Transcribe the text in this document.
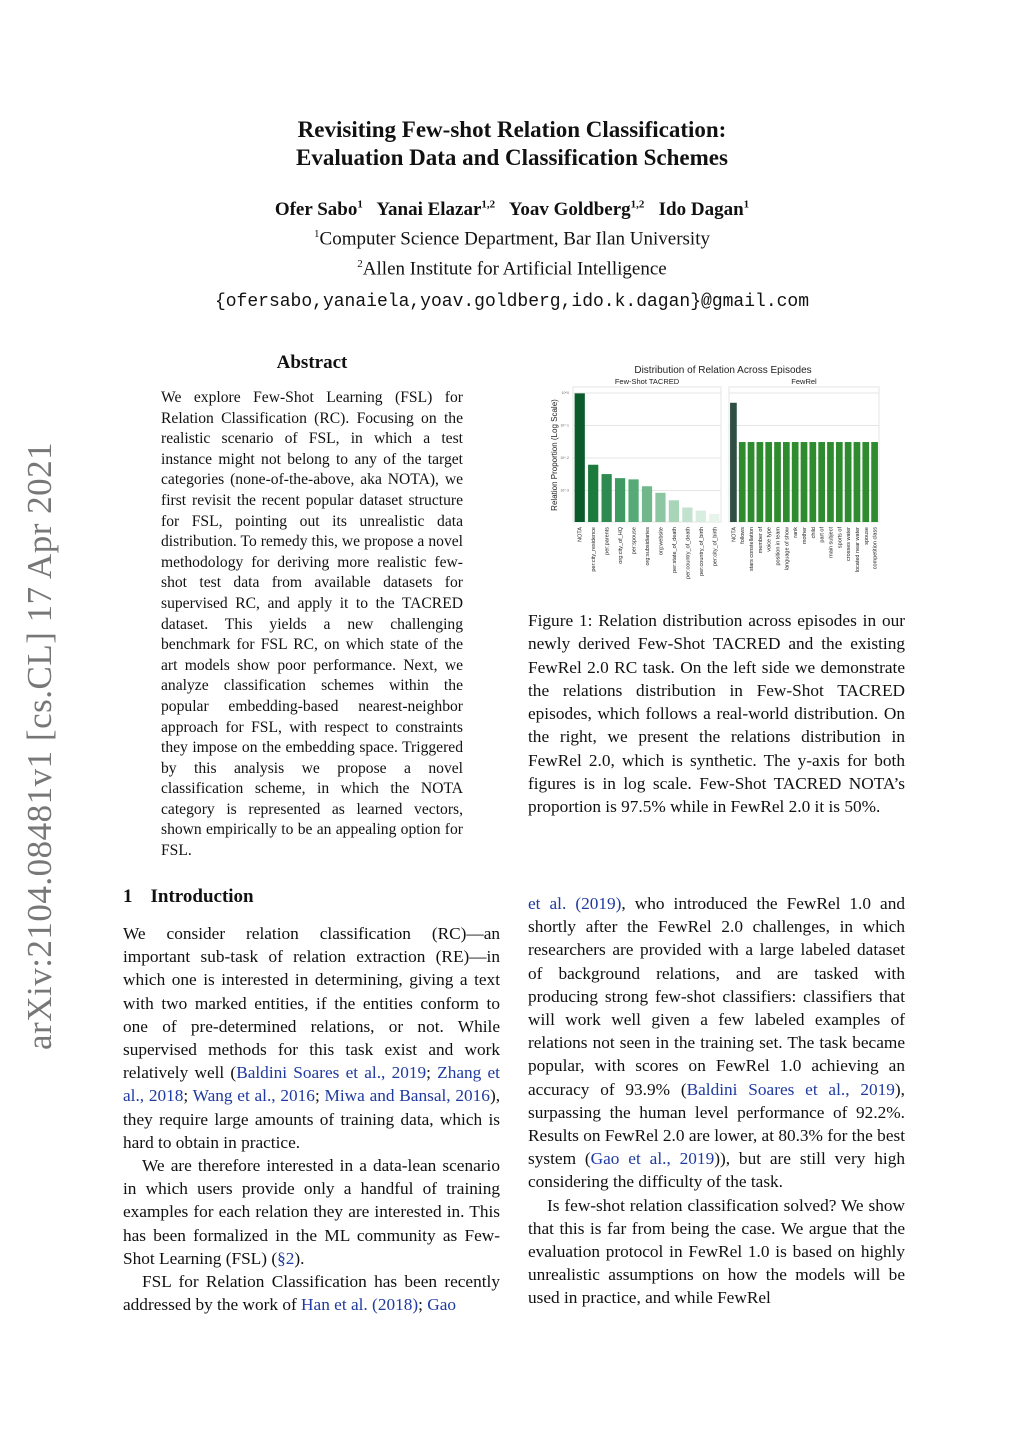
arXiv:2104.08481v1 [cs.CL] 17 Apr 2021
Revisiting Few-shot Relation Classification:
Evaluation Data and Classification Schemes
Ofer Sabo$^1$ Yanai Elazar$^{1,2}$ Yoav Goldberg$^{1,2}$ Ido Dagan$^1$
$^1$Computer Science Department, Bar Ilan University
$^2$Allen Institute for Artificial Intelligence
{ofersabo,yanaiela,yoav.goldberg,ido.k.dagan}@gmail.com
Abstract
We explore Few-Shot Learning (FSL) for Relation Classification (RC). Focusing on the realistic scenario of FSL, in which a test instance might not belong to any of the target categories (none-of-the-above, aka NOTA), we first revisit the recent popular dataset structure for FSL, pointing out its unrealistic data distribution. To remedy this, we propose a novel methodology for deriving more realistic few-shot test data from available datasets for supervised RC, and apply it to the TACRED dataset. This yields a new challenging benchmark for FSL RC, on which state of the art models show poor performance. Next, we analyze classification schemes within the popular embedding-based nearest-neighbor approach for FSL, with respect to constraints they impose on the embedding space. Triggered by this analysis we propose a novel classification scheme, in which the NOTA category is represented as learned vectors, shown empirically to be an appealing option for FSL.
Distribution of Relation Across Episodes
Relation Proportion (Log Scale)
Few-Shot TACRED
10^0
10^-1
10^-2
10^-3
NOTA per:city_residence per:parents org:city_of_HQ per:spouse org:subsidiaries org:website per:state_of_death per:country_of_death per:country_of_birth per:city_of_birth
FewRel
NOTA follows stars constellation member of voice type position in team language of show rank mother child part of main subject sports of crosses water located near water spouse competition class
Figure 1: Relation distribution across episodes in our newly derived Few-Shot TACRED and the existing FewRel 2.0 RC task. On the left side we demonstrate the relations distribution in Few-Shot TACRED episodes, which follows a real-world distribution. On the right, we present the relations distribution in FewRel 2.0, which is synthetic. The y-axis for both figures is in log scale. Few-Shot TACRED NOTA’s proportion is 97.5% while in FewRel 2.0 it is 50%.
1 Introduction

We consider relation classification (RC)—an important sub-task of relation extraction (RE)—in which one is interested in determining, giving a text with two marked entities, if the entities conform to one of pre-determined relations, or not. While supervised methods for this task exist and work relatively well (Baldini Soares et al., 2019; Zhang et al., 2018; Wang et al., 2016; Miwa and Bansal, 2016), they require large amounts of training data, which is hard to obtain in practice.

We are therefore interested in a data-lean scenario in which users provide only a handful of training examples for each relation they are interested in. This has been formalized in the ML community as Few-Shot Learning (FSL) (§2).

FSL for Relation Classification has been recently addressed by the work of Han et al. (2018); Gao

et al. (2019), who introduced the FewRel 1.0 and shortly after the FewRel 2.0 challenges, in which researchers are provided with a large labeled dataset of background relations, and are tasked with producing strong few-shot classifiers: classifiers that will work well given a few labeled examples of relations not seen in the training set. The task became popular, with scores on FewRel 1.0 achieving an accuracy of 93.9% (Baldini Soares et al., 2019), surpassing the human level performance of 92.2%. Results on FewRel 2.0 are lower, at 80.3% for the best system (Gao et al., 2019)), but are still very high considering the difficulty of the task.

Is few-shot relation classification solved? We show that this is far from being the case. We argue that the evaluation protocol in FewRel 1.0 is based on highly unrealistic assumptions on how the models will be used in practice, and while FewRel
